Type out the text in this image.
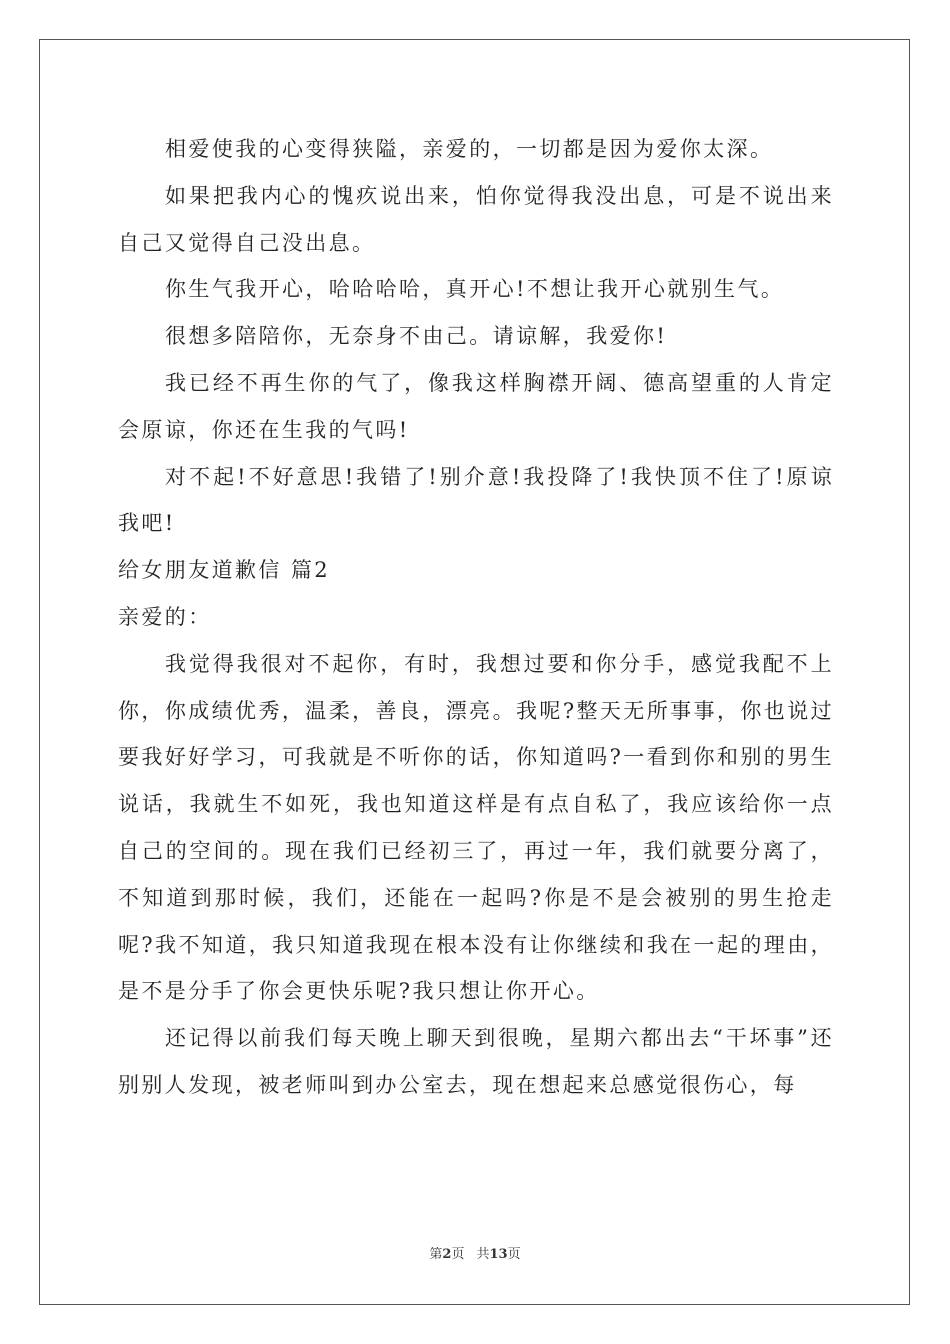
相爱使我的心变得狭隘，亲爱的，一切都是因为爱你太深。

如果把我内心的愧疚说出来，怕你觉得我没出息，可是不说出来自己又觉得自己没出息。

你生气我开心，哈哈哈哈，真开心!不想让我开心就别生气。

很想多陪陪你，无奈身不由己。请谅解，我爱你!

我已经不再生你的气了，像我这样胸襟开阔、德高望重的人肯定会原谅，你还在生我的气吗!

对不起!不好意思!我错了!别介意!我投降了!我快顶不住了!原谅我吧!

给女朋友道歉信 篇2

亲爱的：

我觉得我很对不起你，有时，我想过要和你分手，感觉我配不上你，你成绩优秀，温柔，善良，漂亮。我呢?整天无所事事，你也说过要我好好学习，可我就是不听你的话，你知道吗?一看到你和别的男生说话，我就生不如死，我也知道这样是有点自私了，我应该给你一点自己的空间的。现在我们已经初三了，再过一年，我们就要分离了，不知道到那时候，我们，还能在一起吗?你是不是会被别的男生抢走呢?我不知道，我只知道我现在根本没有让你继续和我在一起的理由，是不是分手了你会更快乐呢?我只想让你开心。

还记得以前我们每天晚上聊天到很晚，星期六都出去“干坏事”还别别人发现，被老师叫到办公室去，现在想起来总感觉很伤心，每

第2页 共13页
